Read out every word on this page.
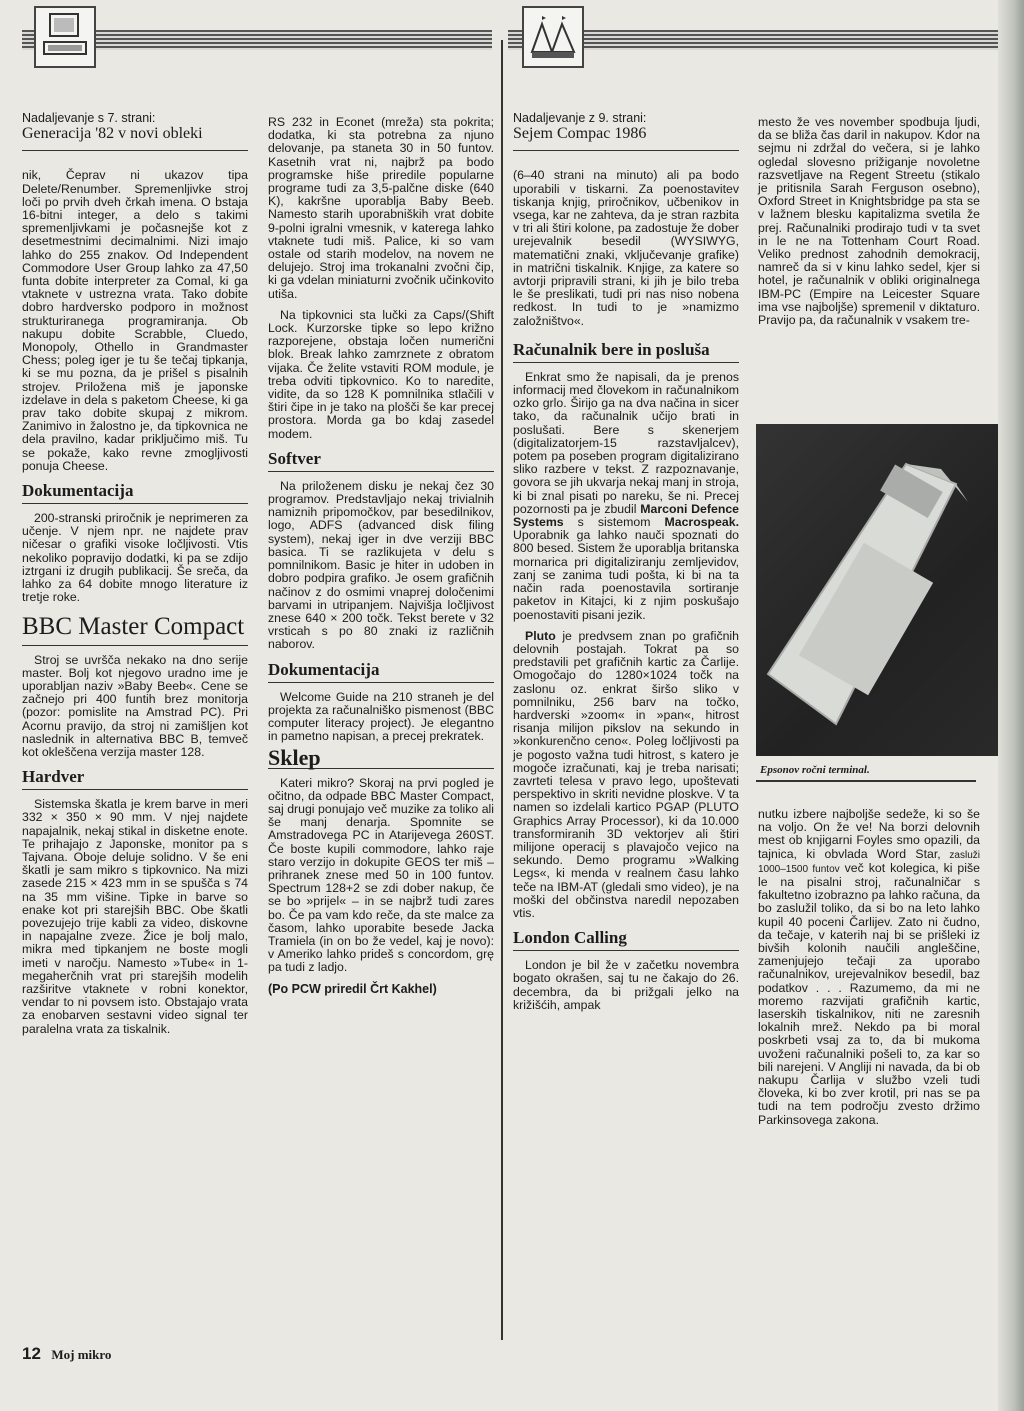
Nadaljevanje s 7. strani:
Generacija '82 v novi obleki

nik, Čeprav ni ukazov tipa Delete/Renumber. Spremenljivke stroj loči po prvih dveh črkah imena. O bstaja 16-bitni integer, a delo s takimi spremenljivkami je počasnejše kot z desetmestnimi decimalnimi. Nizi imajo lahko do 255 znakov. Od Independent Commodore User Group lahko za 47,50 funta dobite interpreter za Comal, ki ga vtaknete v ustrezna vrata. Tako dobite dobro hardversko podporo in možnost strukturiranega programiranja. Ob nakupu dobite Scrabble, Cluedo, Monopoly, Othello in Grandmaster Chess; poleg iger je tu še tečaj tipkanja, ki se mu pozna, da je prišel s pisalnih strojev. Priložena miš je japonske izdelave in dela s paketom Cheese, ki ga prav tako dobite skupaj z mikrom. Zanimivo in žalostno je, da tipkovnica ne dela pravilno, kadar priključimo miš. Tu se pokaže, kako revne zmogljivosti ponuja Cheese.

Dokumentacija

200-stranski priročnik je neprimeren za učenje. V njem npr. ne najdete prav ničesar o grafiki visoke ločljivosti. Vtis nekoliko popravijo dodatki, ki pa se zdijo iztrgani iz drugih publikacij. Še sreča, da lahko za 64 dobite mnogo literature iz tretje roke.

BBC Master Compact

Stroj se uvršča nekako na dno serije master. Bolj kot njegovo uradno ime je uporabljan naziv »Baby Beeb«. Cene se začnejo pri 400 funtih brez monitorja (pozor: pomislite na Amstrad PC). Pri Acornu pravijo, da stroj ni zamišljen kot naslednik in alternativa BBC B, temveč kot okleščena verzija master 128.

Hardver

Sistemska škatla je krem barve in meri 332 × 350 × 90 mm. V njej najdete napajalnik, nekaj stikal in disketne enote. Te prihajajo z Japonske, monitor pa s Tajvana. Oboje deluje solidno. V še eni škatli je sam mikro s tipkovnico. Na mizi zasede 215 × 423 mm in se spušča s 74 na 35 mm višine. Tipke in barve so enake kot pri starejših BBC. Obe škatli povezujejo trije kabli za video, diskovne in napajalne zveze. Žice je bolj malo, mikra med tipkanjem ne boste mogli imeti v naročju. Namesto »Tube« in 1-megaherčnih vrat pri starejših modelih razširitve vtaknete v robni konektor, vendar to ni povsem isto. Obstajajo vrata za enobarven sestavni video signal ter paralelna vrata za tiskalnik.

RS 232 in Econet (mreža) sta pokrita; dodatka, ki sta potrebna za njuno delovanje, pa staneta 30 in 50 funtov. Kasetnih vrat ni, najbrž pa bodo programske hiše priredile popularne programe tudi za 3,5-palčne diske (640 K), kakršne uporablja Baby Beeb. Namesto starih uporabniških vrat dobite 9-polni igralni vmesnik, v katerega lahko vtaknete tudi miš. Palice, ki so vam ostale od starih modelov, na novem ne delujejo. Stroj ima trokanalni zvočni čip, ki ga vdelan miniaturni zvočnik učinkovito utiša.

Na tipkovnici sta lučki za Caps/(Shift Lock. Kurzorske tipke so lepo križno razporejene, obstaja ločen numerični blok. Break lahko zamrznete z obratom vijaka. Če želite vstaviti ROM module, je treba odviti tipkovnico. Ko to naredite, vidite, da so 128 K pomnilnika stlačili v štiri čipe in je tako na plošči še kar precej prostora. Morda ga bo kdaj zasedel modem.

Softver

Na priloženem disku je nekaj čez 30 programov. Predstavljajo nekaj trivialnih namiznih pripomočkov, par besedilnikov, logo, ADFS (advanced disk filing system), nekaj iger in dve verziji BBC basica. Ti se razlikujeta v delu s pomnilnikom. Basic je hiter in udoben in dobro podpira grafiko. Je osem grafičnih načinov z do osmimi vnaprej določenimi barvami in utripanjem. Najvišja ločljivost znese 640 × 200 točk. Tekst berete v 32 vrsticah s po 80 znaki iz različnih naborov.

Dokumentacija

Welcome Guide na 210 straneh je del projekta za računalniško pismenost (BBC computer literacy project). Je elegantno in pametno napisan, a precej prekratek.

Sklep

Kateri mikro? Skoraj na prvi pogled je očitno, da odpade BBC Master Compact, saj drugi ponujajo več muzike za toliko ali še manj denarja. Spomnite se Amstradovega PC in Atarijevega 260ST. Če boste kupili commodore, lahko raje staro verzijo in dokupite GEOS ter miš – prihranek znese med 50 in 100 funtov. Spectrum 128+2 se zdi dober nakup, če se bo »prijel« – in se najbrž tudi zares bo. Če pa vam kdo reče, da ste malce za časom, lahko uporabite besede Jacka Tramiela (in on bo že vedel, kaj je novo): v Ameriko lahko prideš s concordom, grę pa tudi z ladjo.

(Po PCW priredil Črt Kakhel)

Nadaljevanje z 9. strani:
Sejem Compac 1986

(6–40 strani na minuto) ali pa bodo uporabili v tiskarni. Za poenostavitev tiskanja knjig, priročnikov, učbenikov in vsega, kar ne zahteva, da je stran razbita v tri ali štiri kolone, pa zadostuje že dober urejevalnik besedil (WYSIWYG, matematični znaki, vključevanje grafike) in matrični tiskalnik. Knjige, za katere so avtorji pripravili strani, ki jih je bilo treba le še preslikati, tudi pri nas niso nobena redkost. In tudi to je »namizmo založništvo«.

Računalnik bere in posluša

Enkrat smo že napisali, da je prenos informacij med človekom in računalnikom ozko grlo. Širijo ga na dva načina in sicer tako, da računalnik učijo brati in poslušati. Bere s skenerjem (digitalizatorjem-15 razstavljalcev), potem pa poseben program digitalizirano sliko razbere v tekst. Z razpoznavanje, govora se jih ukvarja nekaj manj in stroja, ki bi znal pisati po nareku, še ni. Precej pozornosti pa je zbudil Marconi Defence Systems s sistemom Macrospeak. Uporabnik ga lahko nauči spoznati do 800 besed. Sistem že uporablja britanska mornarica pri digitaliziranju zemljevidov, zanj se zanima tudi pošta, ki bi na ta način rada poenostavila sortiranje paketov in Kitajci, ki z njim poskušajo poenostaviti pisani jezik.

Pluto je predvsem znan po grafičnih delovnih postajah. Tokrat pa so predstavili pet grafičnih kartic za Čarlije. Omogočajo do 1280×1024 točk na zaslonu oz. enkrat širšo sliko v pomnilniku, 256 barv na točko, hardverski »zoom« in »pan«, hitrost risanja milijon pikslov na sekundo in »konkurenčno ceno«. Poleg ločljivosti pa je pogosto važna tudi hitrost, s katero je mogoče izračunati, kaj je treba narisati; zavrteti telesa v pravo lego, upoštevati perspektivo in skriti nevidne ploskve. V ta namen so izdelali kartico PGAP (PLUTO Graphics Array Processor), ki da 10.000 transformiranih 3D vektorjev ali štiri milijone operacij s plavajočo vejico na sekundo. Demo programu »Walking Legs«, ki menda v realnem času lahko teče na IBM-AT (gledali smo video), je na moški del občinstva naredil nepozaben vtis.

London Calling

London je bil že v začetku novembra bogato okrašen, saj tu ne čakajo do 26. decembra, da bi prižgali jelko na križišćih, ampak

mesto že ves november spodbuja ljudi, da se bliža čas daril in nakupov. Kdor na sejmu ni zdržal do večera, si je lahko ogledal slovesno prižiganje novoletne razsvetljave na Regent Streetu (stikalo je pritisnila Sarah Ferguson osebno), Oxford Street in Knightsbridge pa sta se v lažnem blesku kapitalizma svetila že prej. Računalniki prodirajo tudi v ta svet in le ne na Tottenham Court Road. Veliko prednost zahodnih demokracij, namreč da si v kinu lahko sedel, kjer si hotel, je računalnik v obliki originalnega IBM-PC (Empire na Leicester Square ima vse najboljše) spremenil v diktaturo. Pravijo pa, da računalnik v vsakem tre-

Epsonov ročni terminal.

nutku izbere najboljše sedeže, ki so še na voljo. On že ve! Na borzi delovnih mest ob knjigarni Foyles smo opazili, da tajnica, ki obvlada Word Star, zasluži 1000–1500 funtov več kot kolegica, ki piše le na pisalni stroj, računalničar s fakultetno izobrazno pa lahko računa, da bo zaslužil toliko, da si bo na leto lahko kupil 40 poceni Čarlijev. Zato ni čudno, da tečaje, v katerih naj bi se prišleki iz bivših kolonih naučili angleščine, zamenjujejo tečaji za uporabo računalnikov, urejevalnikov besedil, baz podatkov . . . Razumemo, da mi ne moremo razvijati grafičnih kartic, laserskih tiskalnikov, niti ne zaresnih lokalnih mrež. Nekdo pa bi moral poskrbeti vsaj za to, da bi mukoma uvoženi računalniki pošeli to, za kar so bili narejeni. V Angliji ni navada, da bi ob nakupu Čarlija v službo vzeli tudi človeka, ki bo zver krotil, pri nas se pa tudi na tem področju zvesto držimo Parkinsovega zakona.

12 Moj mikro
